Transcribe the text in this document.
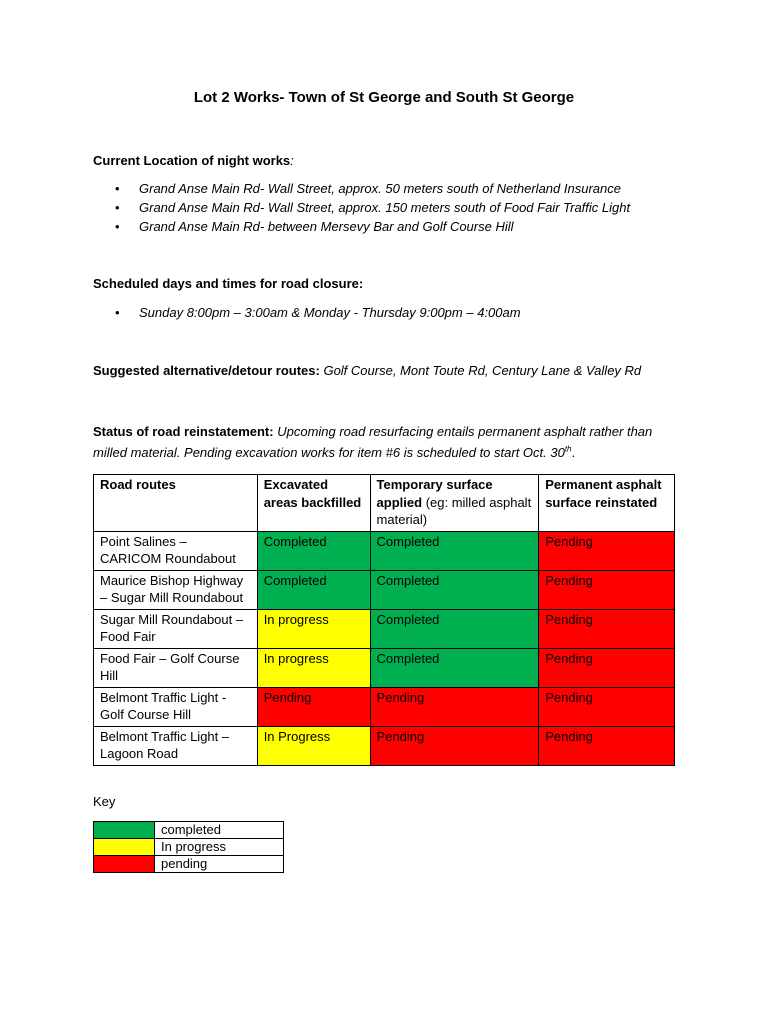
Lot 2 Works- Town of St George and South St George
Current Location of night works:
• Grand Anse Main Rd- Wall Street, approx. 50 meters south of Netherland Insurance
• Grand Anse Main Rd- Wall Street, approx. 150 meters south of Food Fair Traffic Light
• Grand Anse Main Rd- between Mersevy Bar and Golf Course Hill
Scheduled days and times for road closure:
• Sunday 8:00pm – 3:00am & Monday - Thursday 9:00pm – 4:00am
Suggested alternative/detour routes: Golf Course, Mont Toute Rd, Century Lane & Valley Rd
Status of road reinstatement: Upcoming road resurfacing entails permanent asphalt rather than milled material. Pending excavation works for item #6 is scheduled to start Oct. 30th.
Road routes	Excavated areas backfilled	Temporary surface applied (eg: milled asphalt material)	Permanent asphalt surface reinstated
Point Salines – CARICOM Roundabout	Completed	Completed	Pending
Maurice Bishop Highway – Sugar Mill Roundabout	Completed	Completed	Pending
Sugar Mill Roundabout – Food Fair	In progress	Completed	Pending
Food Fair – Golf Course Hill	In progress	Completed	Pending
Belmont Traffic Light - Golf Course Hill	Pending	Pending	Pending
Belmont Traffic Light – Lagoon Road	In Progress	Pending	Pending
Key
	completed
	In progress
	pending
